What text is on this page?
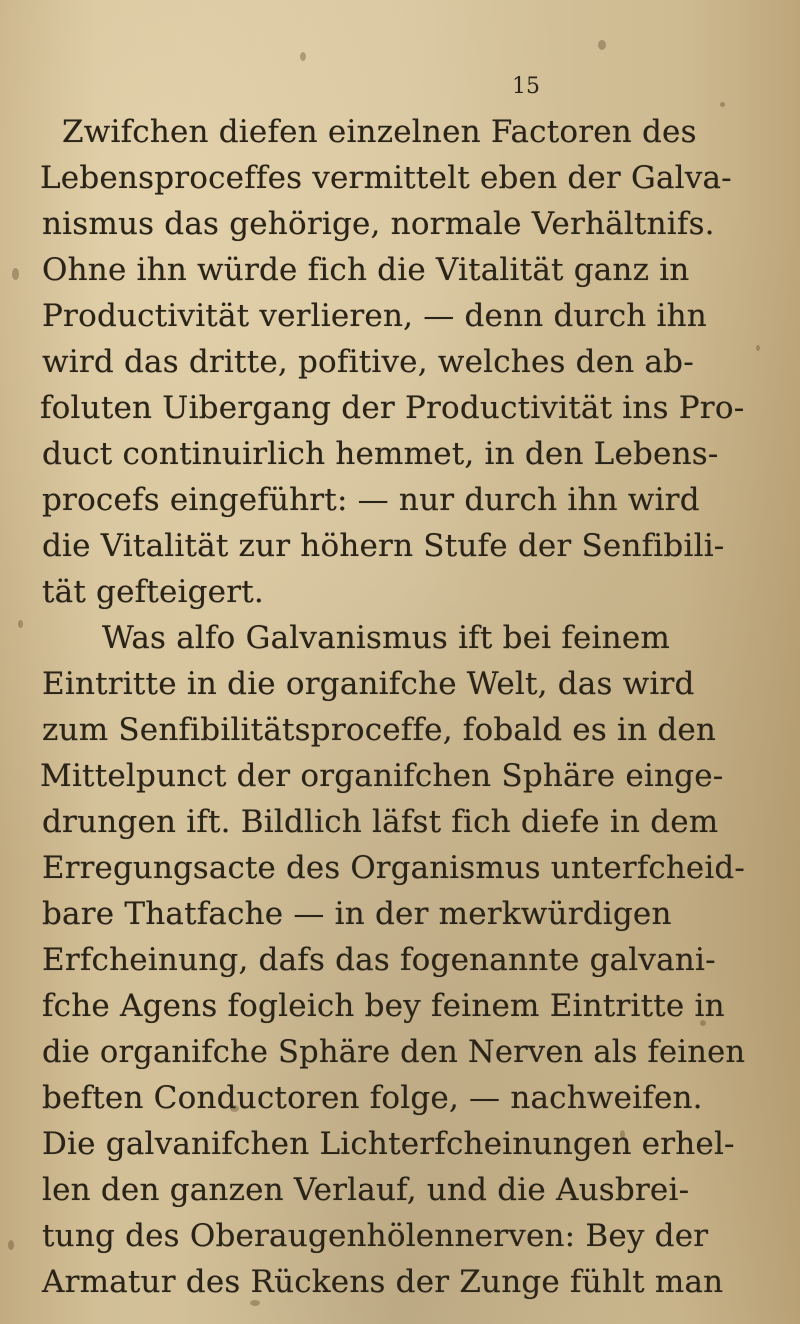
15
Zwifchen diefen einzelnen Factoren des
Lebensproceffes vermittelt eben der Galva-
nismus das gehörige, normale Verhältnifs.
Ohne ihn würde fich die Vitalität ganz in
Productivität verlieren, — denn durch ihn
wird das dritte, pofitive, welches den ab-
foluten Uibergang der Productivität ins Pro-
duct continuirlich hemmet, in den Lebens-
procefs eingeführt: — nur durch ihn wird
die Vitalität zur höhern Stufe der Senfibili-
tät gefteigert.
Was alfo Galvanismus ift bei feinem
Eintritte in die organifche Welt, das wird
zum Senfibilitätsproceffe, fobald es in den
Mittelpunct der organifchen Sphäre einge-
drungen ift. Bildlich läfst fich diefe in dem
Erregungsacte des Organismus unterfcheid-
bare Thatfache — in der merkwürdigen
Erfcheinung, dafs das fogenannte galvani-
fche Agens fogleich bey feinem Eintritte in
die organifche Sphäre den Nerven als feinen
beften Conductoren folge, — nachweifen.
Die galvanifchen Lichterfcheinungen erhel-
len den ganzen Verlauf, und die Ausbrei-
tung des Oberaugenhölennerven: Bey der
Armatur des Rückens der Zunge fühlt man
